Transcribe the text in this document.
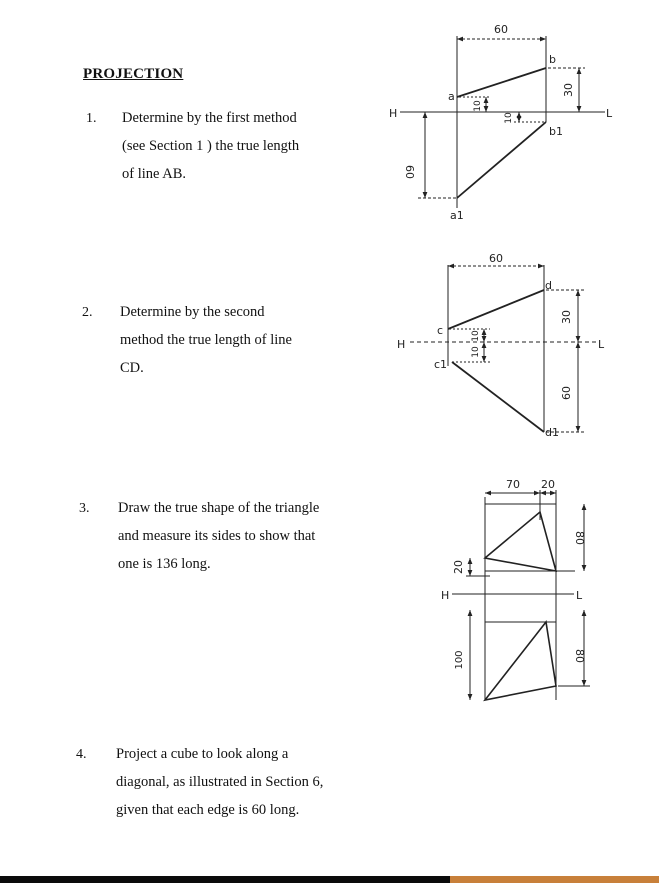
PROJECTION
1. Determine by the first method
(see Section 1 ) the true length
of line AB.
2. Determine by the second
method the true length of line
CD.
3. Draw the true shape of the triangle
and measure its sides to show that
one is 136 long.
4. Project a cube to look along a
diagonal, as illustrated in Section 6,
given that each edge is 60 long.
60
30
60
10
10
a
b
b1
a1
H	L
60
30
60
10
10
c
d
c1
d1
H	L
70 20
80
20
100	80
H	L
